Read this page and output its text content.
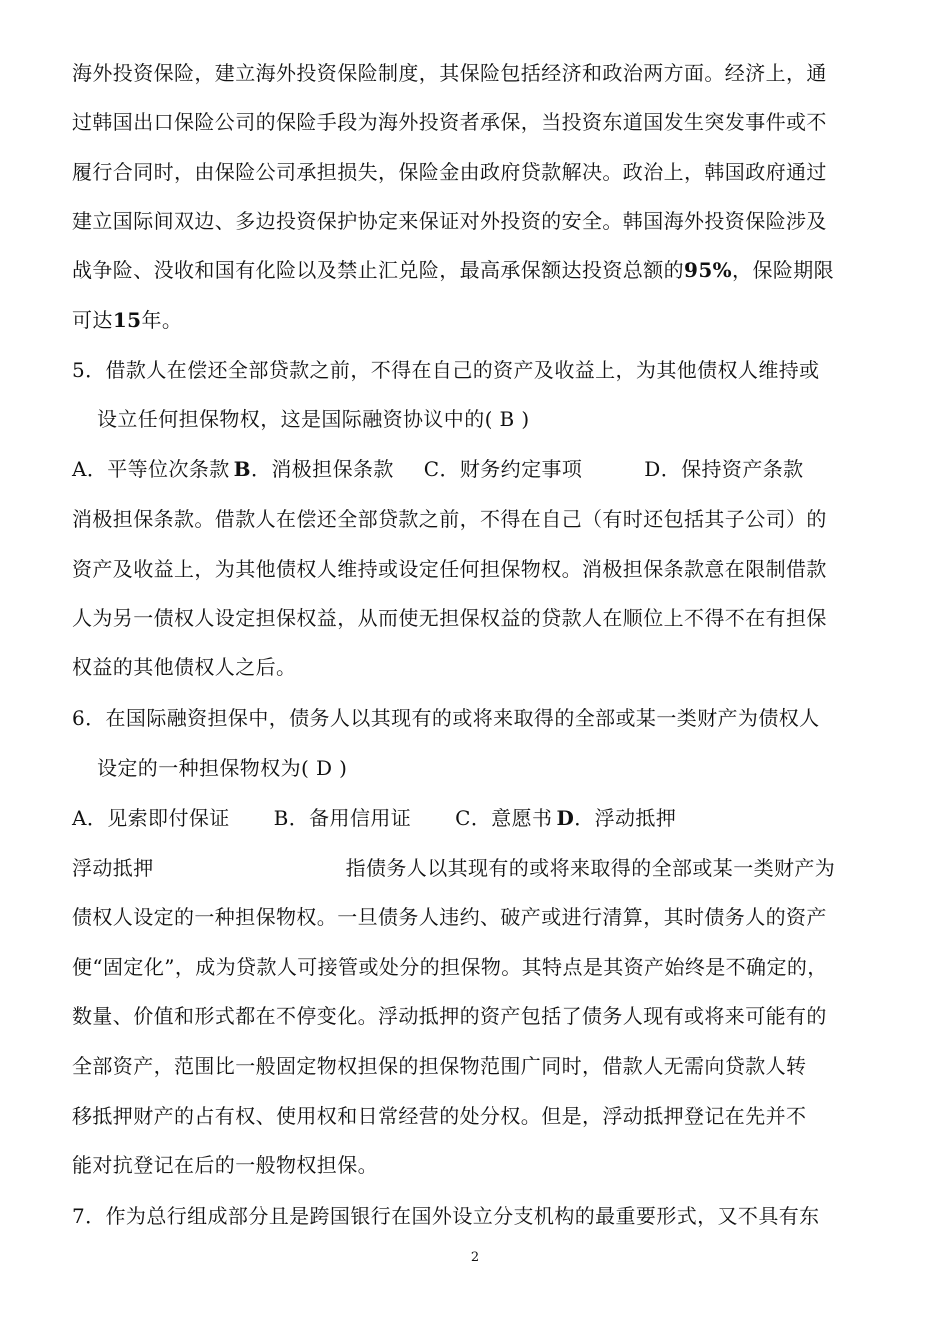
海外投资保险，建立海外投资保险制度，其保险包括经济和政治两方面。经济上，通
过韩国出口保险公司的保险手段为海外投资者承保，当投资东道国发生突发事件或不
履行合同时，由保险公司承担损失，保险金由政府贷款解决。政治上，韩国政府通过
建立国际间双边、多边投资保护协定来保证对外投资的安全。韩国海外投资保险涉及
战争险、没收和国有化险以及禁止汇兑险，最高承保额达投资总额的95%，保险期限
可达15年。
5．借款人在偿还全部贷款之前，不得在自己的资产及收益上，为其他债权人维持或
设立任何担保物权，这是国际融资协议中的( B )
A．平等位次条款 B．消极担保条款 C．财务约定事项	D．保持资产条款
消极担保条款。借款人在偿还全部贷款之前，不得在自己（有时还包括其子公司）的
资产及收益上，为其他债权人维持或设定任何担保物权。消极担保条款意在限制借款
人为另一债权人设定担保权益，从而使无担保权益的贷款人在顺位上不得不在有担保
权益的其他债权人之后。
6．在国际融资担保中，债务人以其现有的或将来取得的全部或某一类财产为债权人
设定的一种担保物权为( D )
A．见索即付保证 B．备用信用证 C．意愿书 D．浮动抵押
浮动抵押	指债务人以其现有的或将来取得的全部或某一类财产为
债权人设定的一种担保物权。一旦债务人违约、破产或进行清算，其时债务人的资产
便“固定化”，成为贷款人可接管或处分的担保物。其特点是其资产始终是不确定的，
数量、价值和形式都在不停变化。浮动抵押的资产包括了债务人现有或将来可能有的
全部资产，范围比一般固定物权担保的担保物范围广同时，借款人无需向贷款人转
移抵押财产的占有权、使用权和日常经营的处分权。但是，浮动抵押登记在先并不
能对抗登记在后的一般物权担保。
7．作为总行组成部分且是跨国银行在国外设立分支机构的最重要形式，又不具有东
2
